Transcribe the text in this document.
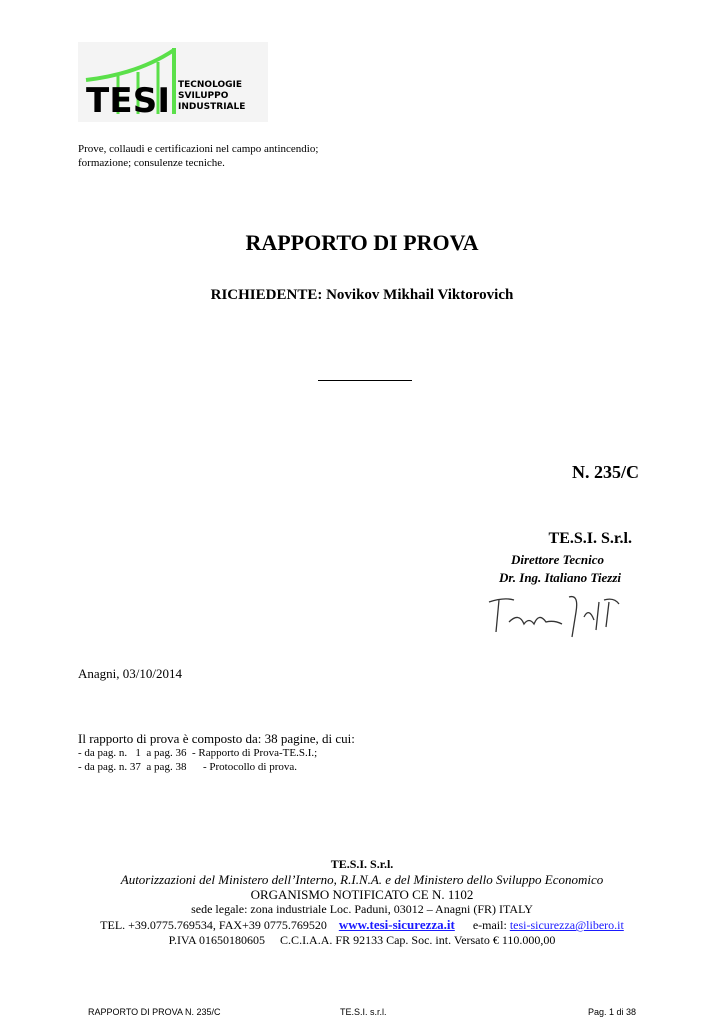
TESI TECNOLOGIE
SVILUPPO
INDUSTRIALE
Prove, collaudi e certificazioni nel campo antincendio;
formazione; consulenze tecniche.
RAPPORTO DI PROVA
RICHIEDENTE: Novikov Mikhail Viktorovich
N. 235/C
TE.S.I. S.r.l.
Direttore Tecnico
Dr. Ing. Italiano Tiezzi
Anagni, 03/10/2014
Il rapporto di prova è composto da: 38 pagine, di cui:
- da pag. n.   1  a pag. 36  - Rapporto di Prova-TE.S.I.;
- da pag. n. 37  a pag. 38      - Protocollo di prova.
TE.S.I. S.r.l.
Autorizzazioni del Ministero dell’Interno, R.I.N.A. e del Ministero dello Sviluppo Economico
ORGANISMO NOTIFICATO CE N. 1102
sede legale: zona industriale Loc. Paduni, 03012 – Anagni (FR) ITALY
TEL. +39.0775.769534, FAX+39 0775.769520 www.tesi-sicurezza.it e-mail: tesi-sicurezza@libero.it
P.IVA 01650180605     C.C.I.A.A. FR 92133 Cap. Soc. int. Versato € 110.000,00
RAPPORTO DI PROVA N. 235/C	TE.S.I. s.r.l.	Pag. 1 di 38
